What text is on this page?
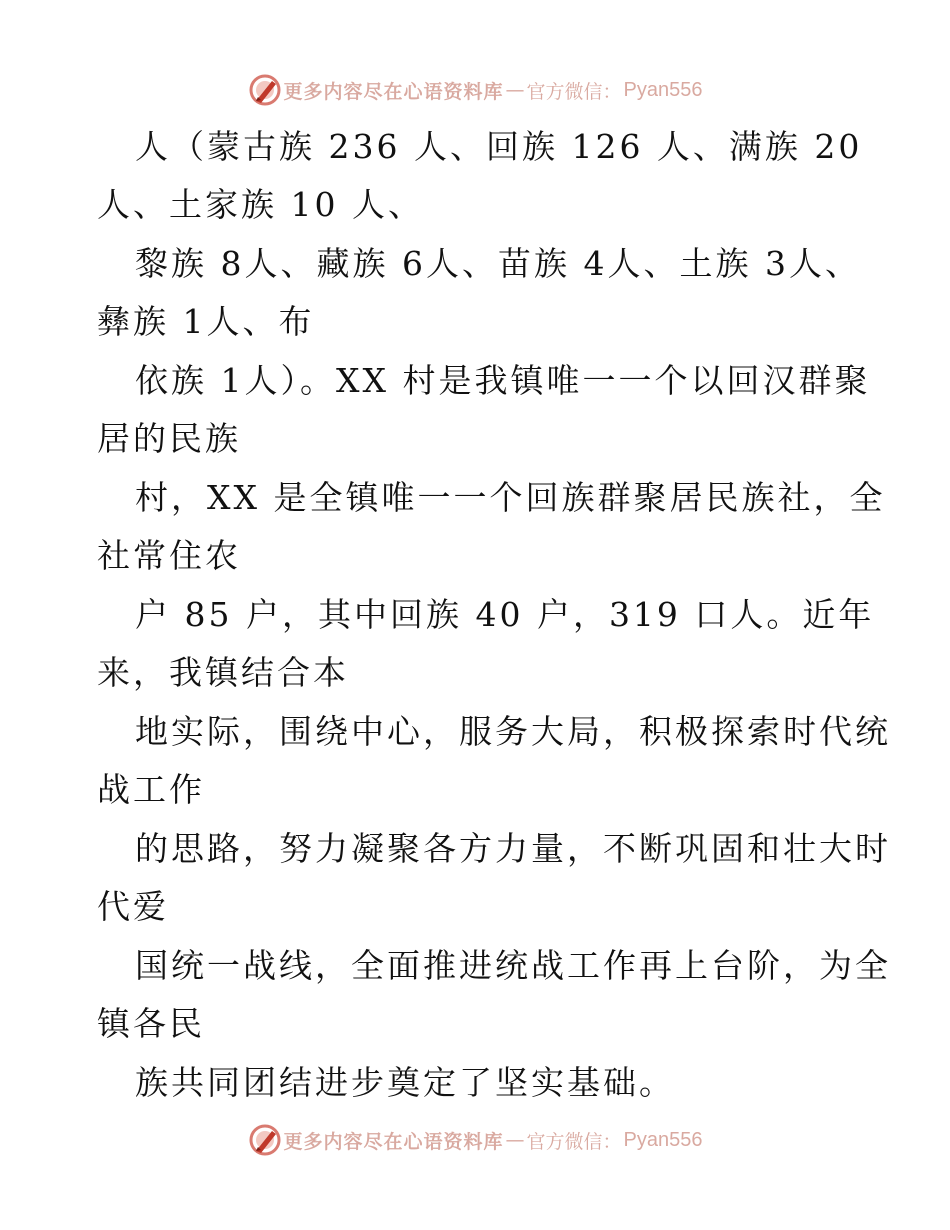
更多内容尽在心语资料库 — 官方微信： Pyan556
人（蒙古族 236 人、回族 126 人、满族 20
人、土家族 10 人、
黎族 8人、藏族 6人、苗族 4人、土族 3人、
彝族 1人、布
依族 1人）。XX 村是我镇唯一一个以回汉群聚
居的民族
村，XX 是全镇唯一一个回族群聚居民族社，全
社常住农
户 85 户，其中回族 40 户，319 口人。近年
来，我镇结合本
地实际，围绕中心，服务大局，积极探索时代统
战工作
的思路，努力凝聚各方力量，不断巩固和壮大时
代爱
国统一战线，全面推进统战工作再上台阶，为全
镇各民
族共同团结进步奠定了坚实基础。
更多内容尽在心语资料库 — 官方微信： Pyan556
